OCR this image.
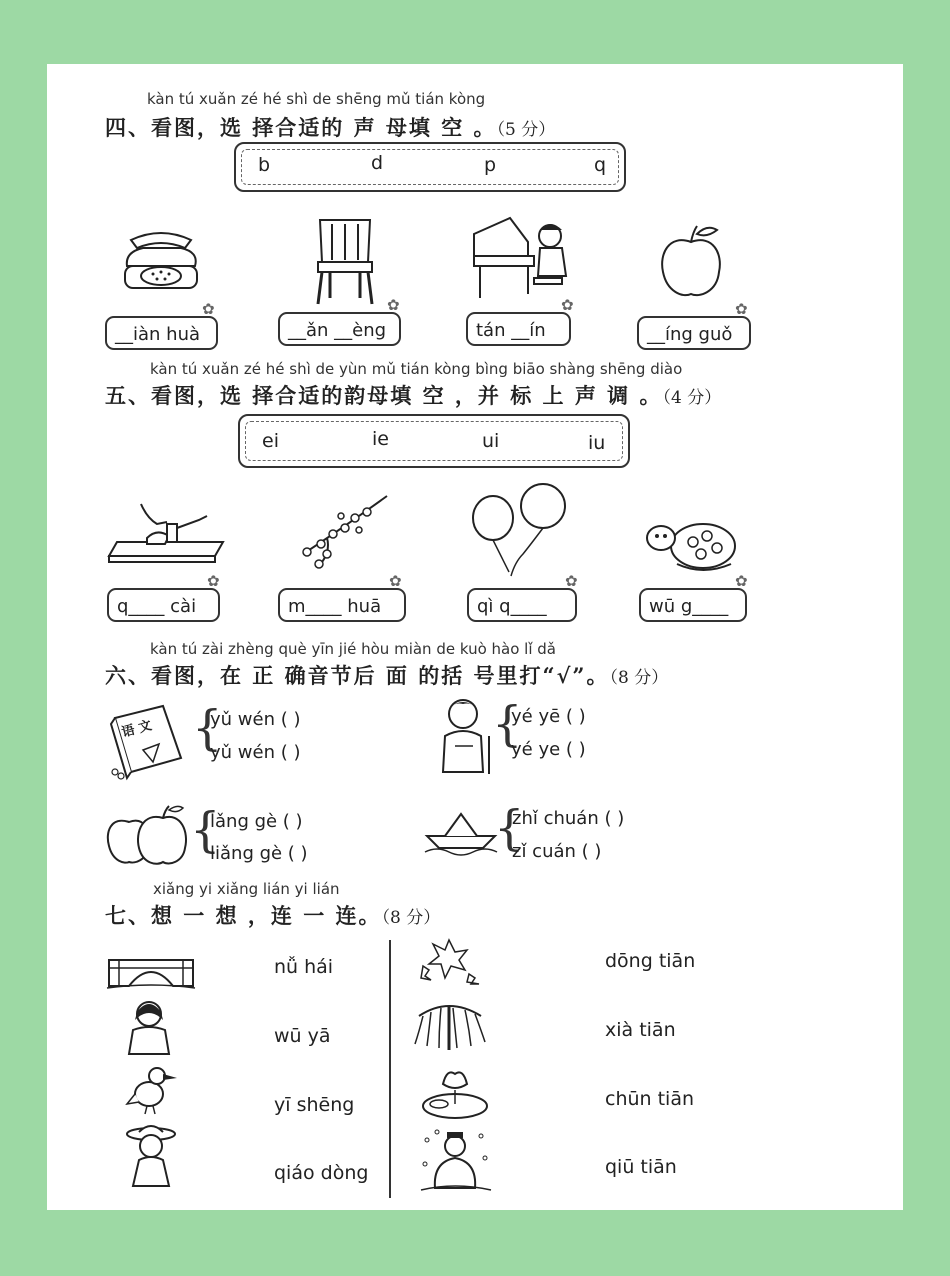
kàn tú xuǎn zé hé shì de shēng mǔ tián kòng
四、看图，选 择合适的 声 母填 空 。（5 分）
b	d	p	q
__iàn huà
✿
__ǎn __èng
✿
tán __ín
✿
__íng guǒ
✿
kàn tú xuǎn zé hé shì de yùn mǔ tián kòng bìng biāo shàng shēng diào
五、看图，选 择合适的韵母填 空 ，并 标 上 声 调 。（4 分）
ei	ie	ui	iu
q____ cài
✿
m____ huā
✿
qì q____
✿
wū g____
✿
kàn tú zài zhèng què yīn jié hòu miàn de kuò hào lǐ dǎ
六、看图，在 正 确音节后 面 的括 号里打“√”。（8 分）
语 文 {
yǔ wén ( )
yǔ wén ( )
{
yé yē ( )
yé ye ( )
{
lǎng gè ( )
liǎng gè ( )	{
zhǐ chuán ( )
zǐ cuán ( )
xiǎng yi xiǎng lián yi lián
七、想 一 想 ，连 一 连。（8 分）
nǚ hái
wū yā
yī shēng
qiáo dòng
dōng tiān
xià tiān
chūn tiān
qiū tiān
